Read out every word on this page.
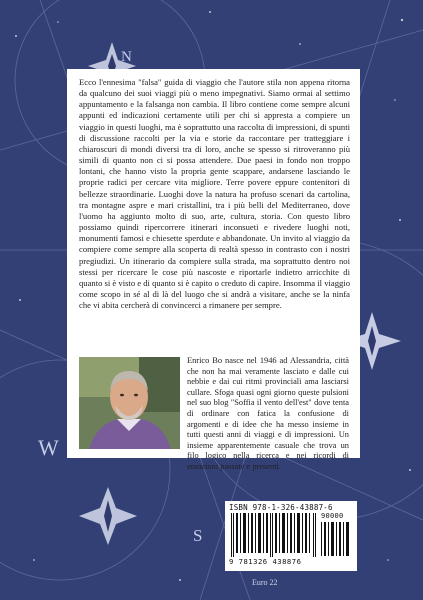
N
W
S

Ecco l'ennesima "falsa" guida di viaggio che l'autore stila non appena ritorna da qualcuno dei suoi viaggi più o meno impegnativi. Siamo ormai al settimo appuntamento e la falsanga non cambia. Il libro contiene come sempre alcuni appunti ed indicazioni certamente utili per chi si appresta a compiere un viaggio in questi luoghi, ma è soprattutto una raccolta di impressioni, di spunti di discussione raccolti per la via e storie da raccontare per tratteggiare i chiaroscuri di mondi diversi tra di loro, anche se spesso si ritroveranno più simili di quanto non ci si possa attendere. Due paesi in fondo non troppo lontani, che hanno visto la propria gente scappare, andarsene lasciando le proprie radici per cercare vita migliore. Terre povere eppure contenitori di bellezze straordinarie. Luoghi dove la natura ha profuso scenari da cartolina, tra montagne aspre e mari cristallini, tra i più belli del Mediterraneo, dove l'uomo ha aggiunto molto di suo, arte, cultura, storia. Con questo libro possiamo quindi ripercorrere itinerari inconsueti e rivedere luoghi noti, monumenti famosi e chiesette sperdute e abbandonate. Un invito al viaggio da compiere come sempre alla scoperta di realtà spesso in contrasto con i nostri pregiudizi. Un itinerario da compiere sulla strada, ma soprattutto dentro noi stessi per ricercare le cose più nascoste e riportarle indietro arricchite di quanto si è visto e di quanto si è capito o creduto di capire. Insomma il viaggio come scopo in sé al di là del luogo che si andrà a visitare, anche se la ninfa che vi abita cercherà di convincerci a rimanere per sempre.

Enrico Bo nasce nel 1946 ad Alessandria, città che non ha mai veramente lasciato e dalle cui nebbie e dai cui ritmi provinciali ama lasciarsi cullare. Sfoga quasi ogni giorno queste pulsioni nel suo blog "Soffia il vento dell'est" dove tenta di ordinare con fatica la confusione di argomenti e di idee che ha messo insieme in tutti questi anni di viaggi e di impressioni. Un insieme apparentemente casuale che trova un filo logico nella ricerca e nei ricordi di emozioni passate e presenti.

ISBN 978-1-326-43887-6
90000
9 781326 438876
Euro 22
